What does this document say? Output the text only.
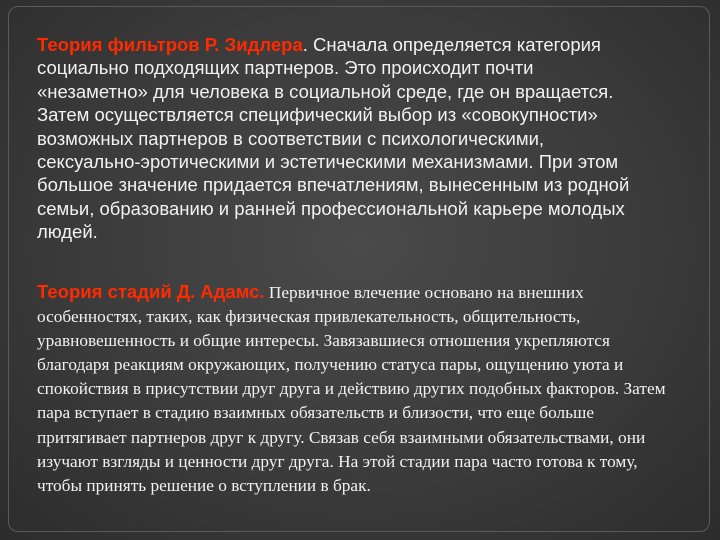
Теория фильтров Р. Зидлера. Сначала определяется категория социально подходящих партнеров. Это происходит почти «незаметно» для человека в социальной среде, где он вращается. Затем осуществляется специфический выбор из «совокупности» возможных партнеров в соответствии с психологическими, сексуально-эротическими и эстетическими механизмами. При этом большое значение придается впечатлениям, вынесенным из родной семьи, образованию и ранней профессиональной карьере молодых людей.

Теория стадий Д. Адамс. Первичное влечение основано на внешних особенностях, таких, как физическая привлекательность, общительность, уравновешенность и общие интересы. Завязавшиеся отношения укрепляются благодаря реакциям окружающих, получению статуса пары, ощущению уюта и спокойствия в присутствии друг друга и действию других подобных факторов. Затем пара вступает в стадию взаимных обязательств и близости, что еще больше притягивает партнеров друг к другу. Связав себя взаимными обязательствами, они изучают взгляды и ценности друг друга. На этой стадии пара часто готова к тому, чтобы принять решение о вступлении в брак.
